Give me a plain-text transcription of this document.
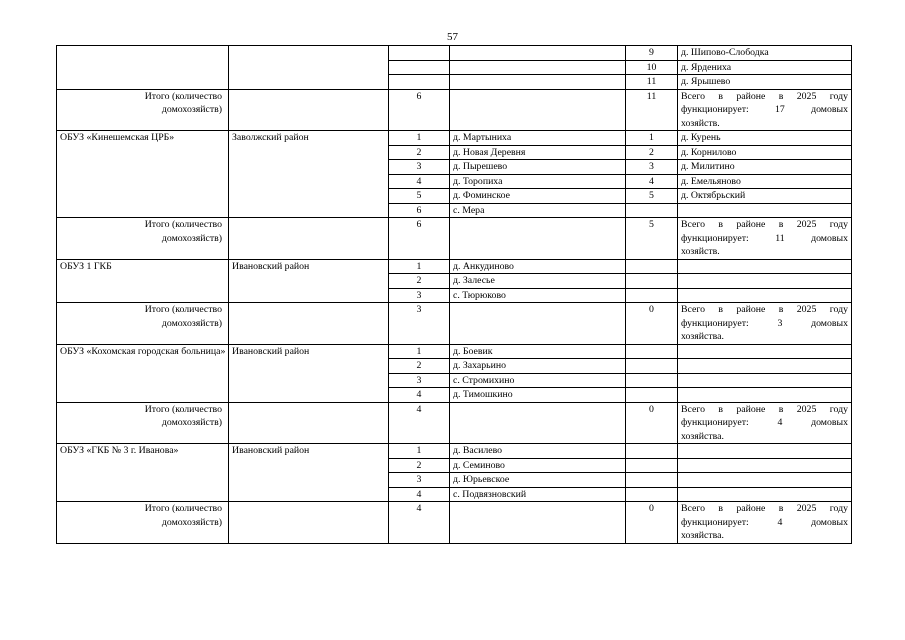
57
				9	д. Шипово-Слободка
				10	д. Ярдениха
				11	д. Ярышево
Итого (количество домохозяйств)		6		11	Всего в районе в 2025 году
функционирует: 17 домовых
хозяйств.

ОБУЗ «Кинешемская ЦРБ»	Заволжский район	1	д. Мартыниха	1	д. Курень
		2	д. Новая Деревня	2	д. Корнилово
		3	д. Пырешево	3	д. Милитино
		4	д. Торопиха	4	д. Емельяново
		5	д. Фоминское	5	д. Октябрьский
		6	с. Мера		
Итого (количество домохозяйств)		6		5	Всего в районе в 2025 году
функционирует: 11 домовых
хозяйств.

ОБУЗ 1 ГКБ	Ивановский район	1	д. Анкудиново		
		2	д. Залесье		
		3	с. Тюрюково		
Итого (количество домохозяйств)		3		0	Всего в районе в 2025 году
функционирует: 3 домовых
хозяйства.

ОБУЗ «Кохомская городская больница»	Ивановский район	1	д. Боевик		
		2	д. Захарьино		
		3	с. Стромихино		
		4	д. Тимошкино		
Итого (количество домохозяйств)		4		0	Всего в районе в 2025 году
функционирует: 4 домовых
хозяйства.

ОБУЗ «ГКБ № 3 г. Иванова»	Ивановский район	1	д. Василево		
		2	д. Семиново		
		3	д. Юрьевское		
		4	с. Подвязновский		
Итого (количество домохозяйств)		4		0	Всего в районе в 2025 году
функционирует: 4 домовых
хозяйства.
